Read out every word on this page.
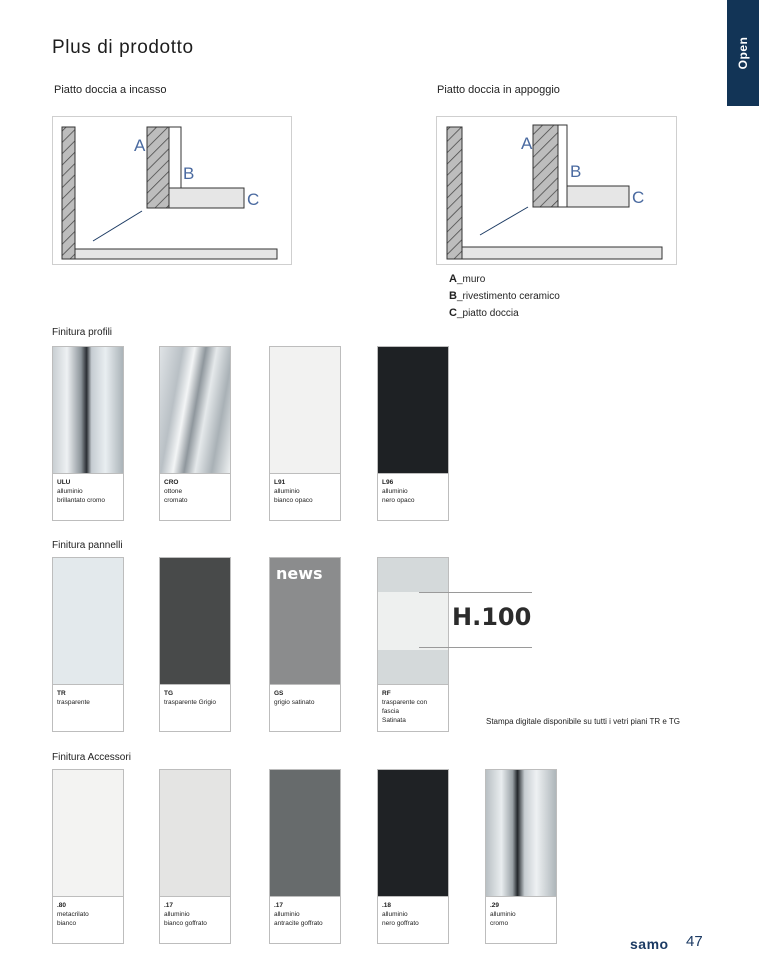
Plus di prodotto	Open
Piatto doccia a incasso	Piatto doccia in appoggio
A
B
C
A
B
C
A_muro
B_rivestimento ceramico
C_piatto doccia
Finitura profili
ULU
alluminio
brillantato cromo
CRO
ottone
cromato
L91
alluminio
bianco opaco
L96
alluminio
nero opaco
Finitura pannelli
TR
trasparente
TG
trasparente Grigio
news
GS
grigio satinato
RF
trasparente con fascia
Satinata
H.100
Stampa digitale disponibile su tutti i vetri piani TR e TG
Finitura Accessori
.80
metacrilato
bianco
.17
alluminio
bianco goffrato
.17
alluminio
antracite goffrato
.18
alluminio
nero goffrato
.29
alluminio
cromo
samo 47
